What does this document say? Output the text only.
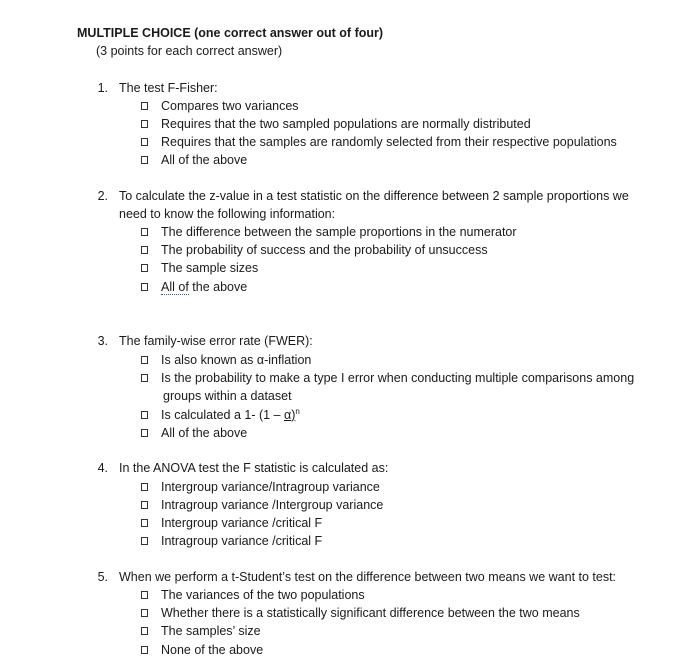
MULTIPLE CHOICE (one correct answer out of four)
(3 points for each correct answer)
1. The test F-Fisher:
Compares two variances
Requires that the two sampled populations are normally distributed
Requires that the samples are randomly selected from their respective populations
All of the above
2. To calculate the z-value in a test statistic on the difference between 2 sample proportions we
need to know the following information:
The difference between the sample proportions in the numerator
The probability of success and the probability of unsuccess
The sample sizes
All of the above
3. The family-wise error rate (FWER):
Is also known as α-inflation
Is the probability to make a type I error when conducting multiple comparisons among
groups within a dataset
Is calculated a 1- (1 – α)$^n$
All of the above
4. In the ANOVA test the F statistic is calculated as:
Intergroup variance/Intragroup variance
Intragroup variance /Intergroup variance
Intergroup variance /critical F
Intragroup variance /critical F
5. When we perform a t-Student’s test on the difference between two means we want to test:
The variances of the two populations
Whether there is a statistically significant difference between the two means
The samples’ size
None of the above
